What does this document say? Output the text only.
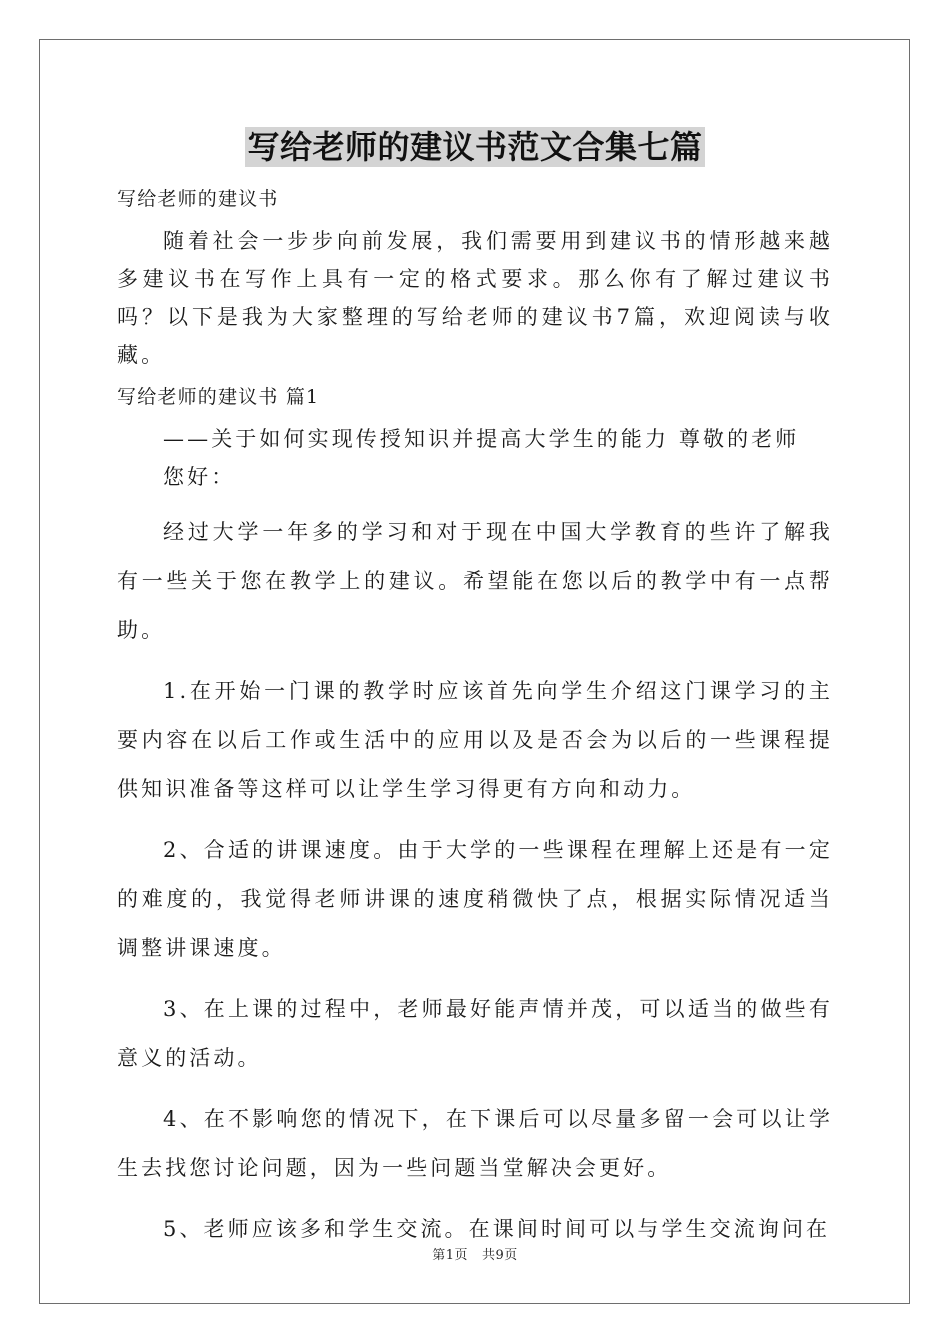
写给老师的建议书范文合集七篇

写给老师的建议书

随着社会一步步向前发展，我们需要用到建议书的情形越来越多建议书在写作上具有一定的格式要求。那么你有了解过建议书吗？以下是我为大家整理的写给老师的建议书7篇，欢迎阅读与收藏。

写给老师的建议书 篇1

——关于如何实现传授知识并提高大学生的能力 尊敬的老师

您好：

经过大学一年多的学习和对于现在中国大学教育的些许了解我有一些关于您在教学上的建议。希望能在您以后的教学中有一点帮助。

1.在开始一门课的教学时应该首先向学生介绍这门课学习的主要内容在以后工作或生活中的应用以及是否会为以后的一些课程提供知识准备等这样可以让学生学习得更有方向和动力。

2、合适的讲课速度。由于大学的一些课程在理解上还是有一定的难度的，我觉得老师讲课的速度稍微快了点，根据实际情况适当调整讲课速度。

3、在上课的过程中，老师最好能声情并茂，可以适当的做些有意义的活动。

4、在不影响您的情况下，在下课后可以尽量多留一会可以让学生去找您讨论问题，因为一些问题当堂解决会更好。

5、老师应该多和学生交流。在课间时间可以与学生交流询问在

第1页 共9页
